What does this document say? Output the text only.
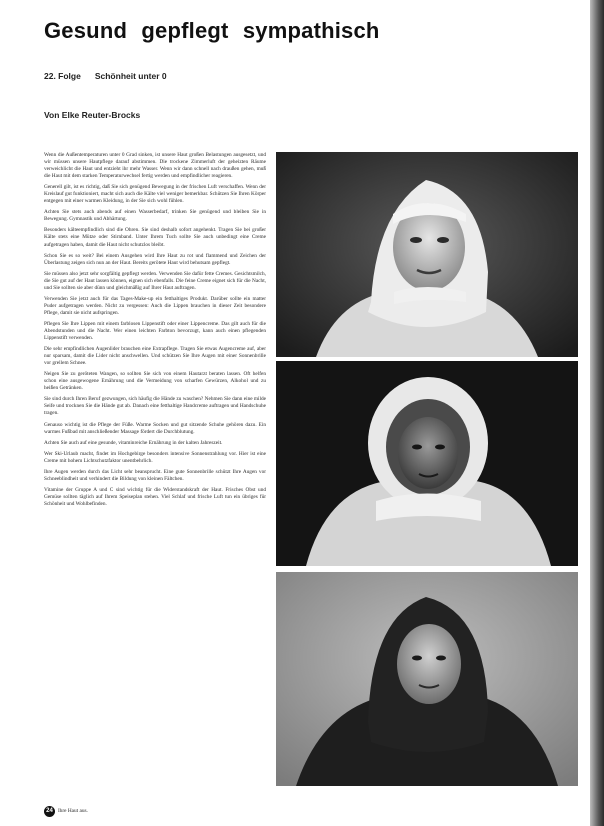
Gesund gepflegt sympathisch
22. Folge Schönheit unter 0
Von Elke Reuter-Brocks

Wenn die Außentemperaturen unter 0 Grad sinken, ist unsere Haut großen Belastungen ausgesetzt, und wir müssen unsere Hautpflege darauf abstimmen. Die trockene Zimmerluft der geheizten Räume verweichlicht die Haut und entzieht ihr mehr Wasser. Wenn wir dann schnell nach draußen gehen, muß die Haut mit dem starken Temperaturwechsel fertig werden und empfindlicher reagieren.

Generell gilt, ist es richtig, daß Sie sich genügend Bewegung in der frischen Luft verschaffen. Wenn der Kreislauf gut funktioniert, macht sich auch die Kälte viel weniger bemerkbar. Schützen Sie Ihren Körper entgegen mit einer warmen Kleidung, in der Sie sich wohl fühlen.

Achten Sie stets auch abends auf einen Wasserbedarf, trinken Sie genügend und bleiben Sie in Bewegung. Gymnastik und Abhärtung.

Besonders kälteempfindlich sind die Ohren. Sie sind deshalb sofort angehenkt. Tragen Sie bei großer Kälte stets eine Mütze oder Stirnband. Unter Ihrem Tuch sollte Sie auch unbedingt eine Creme aufgetragen haben, damit die Haut nicht schutzlos bleibt.

Schon Sie es so weit? Bei einem Ausgehen wird Ihre Haut zu rot und flammend und Zeichen der Überlastung zeigen sich nun an der Haut. Bereits gerötete Haut wird behutsam gepflegt.

Sie müssen also jetzt sehr sorgfältig gepflegt werden. Verwenden Sie dafür fette Cremes. Gesichtsmilch, die Sie gut auf der Haut lassen können, eignen sich ebenfalls. Die feine Creme eignet sich für die Nacht, und Sie sollten sie aber dünn und gleichmäßig auf Ihrer Haut auftragen.

Verwenden Sie jetzt auch für das Tages-Make-up ein fetthaltiges Produkt. Darüber sollte ein matter Puder aufgetragen werden. Nicht zu vergessen: Auch die Lippen brauchen in dieser Zeit besondere Pflege, damit sie nicht aufspringen.

Pflegen Sie Ihre Lippen mit einem farblosen Lippenstift oder einer Lippencreme. Das gilt auch für die Abendstunden und die Nacht. Wer einen leichten Farbton bevorzugt, kann auch einen pflegenden Lippenstift verwenden.

Die sehr empfindlichen Augenlider brauchen eine Extrapflege. Tragen Sie etwas Augencreme auf, aber nur sparsam, damit die Lider nicht anschwellen. Und schützen Sie Ihre Augen mit einer Sonnenbrille vor grellem Schnee.

Neigen Sie zu geröteten Wangen, so sollten Sie sich von einem Hautarzt beraten lassen. Oft helfen schon eine ausgewogene Ernährung und die Vermeidung von scharfen Gewürzen, Alkohol und zu heißen Getränken.

Sie sind durch Ihren Beruf gezwungen, sich häufig die Hände zu waschen? Nehmen Sie dann eine milde Seife und trocknen Sie die Hände gut ab. Danach eine fetthaltige Handcreme auftragen und Handschuhe tragen.

Genauso wichtig ist die Pflege der Füße. Warme Socken und gut sitzende Schuhe gehören dazu. Ein warmes Fußbad mit anschließender Massage fördert die Durchblutung.

Achten Sie auch auf eine gesunde, vitaminreiche Ernährung in der kalten Jahreszeit.

Wer Ski-Urlaub macht, findet im Hochgebirge besonders intensive Sonnenstrahlung vor. Hier ist eine Creme mit hohem Lichtschutzfaktor unentbehrlich.

Ihre Augen werden durch das Licht sehr beansprucht. Eine gute Sonnenbrille schützt Ihre Augen vor Schneeblindheit und verhindert die Bildung von kleinen Fältchen.

Vitamine der Gruppe A und C sind wichtig für die Widerstandskraft der Haut. Frisches Obst und Gemüse sollten täglich auf Ihrem Speiseplan stehen. Viel Schlaf und frische Luft tun ein übriges für Schönheit und Wohlbefinden.

24 Ihre Haut aus.
